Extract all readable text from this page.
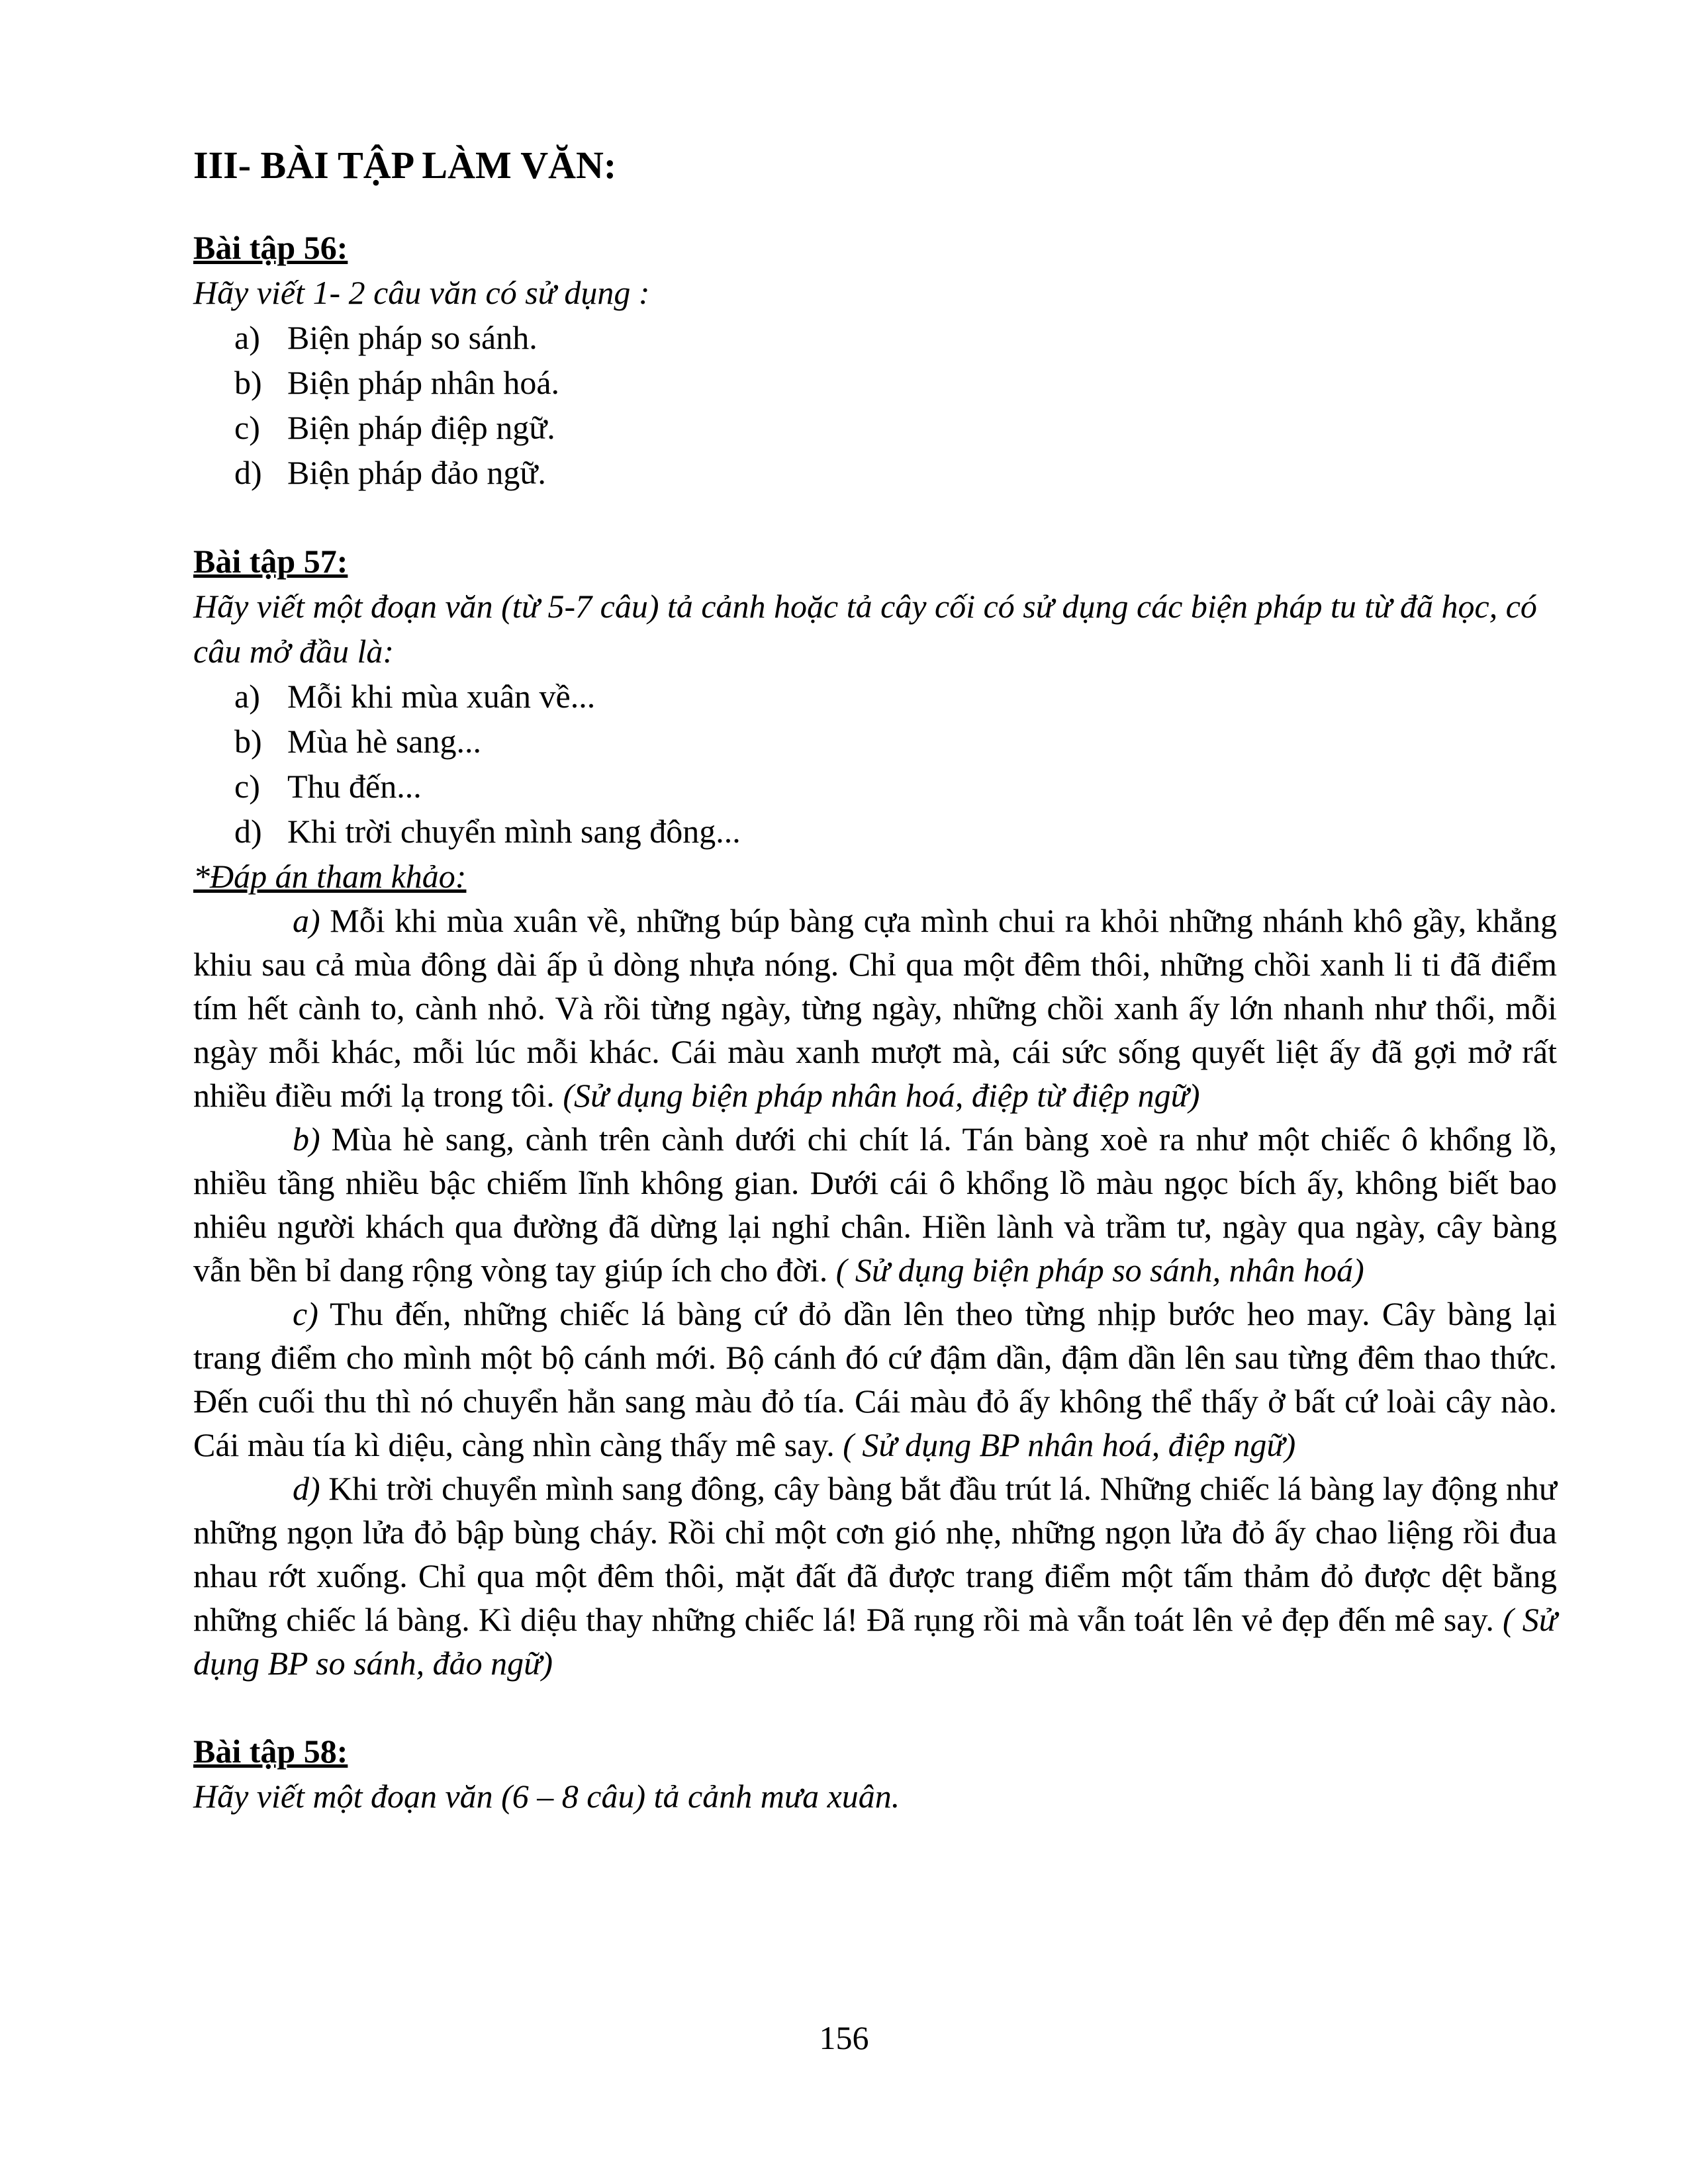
III- BÀI TẬP LÀM VĂN:

Bài tập 56:

Hãy viết 1- 2 câu văn có sử dụng :

a) Biện pháp so sánh.

b) Biện pháp nhân hoá.

c) Biện pháp điệp ngữ.

d) Biện pháp đảo ngữ.

Bài tập 57:

Hãy viết một đoạn văn (từ 5-7 câu) tả cảnh hoặc tả cây cối có sử dụng các biện pháp tu từ đã học, có câu mở đầu là:

a) Mỗi khi mùa xuân về...

b) Mùa hè sang...

c) Thu đến...

d) Khi trời chuyển mình sang đông...

*Đáp án tham khảo:

a) Mỗi khi mùa xuân về, những búp bàng cựa mình chui ra khỏi những nhánh khô gầy, khẳng khiu sau cả mùa đông dài ấp ủ dòng nhựa nóng. Chỉ qua một đêm thôi, những chồi xanh li ti đã điểm tím hết cành to, cành nhỏ. Và rồi từng ngày, từng ngày, những chồi xanh ấy lớn nhanh như thổi, mỗi ngày mỗi khác, mỗi lúc mỗi khác. Cái màu xanh mượt mà, cái sức sống quyết liệt ấy đã gợi mở rất nhiều điều mới lạ trong tôi. (Sử dụng biện pháp nhân hoá, điệp từ điệp ngữ)

b) Mùa hè sang, cành trên cành dưới chi chít lá. Tán bàng xoè ra như một chiếc ô khổng lồ, nhiều tầng nhiều bậc chiếm lĩnh không gian. Dưới cái ô khổng lồ màu ngọc bích ấy, không biết bao nhiêu người khách qua đường đã dừng lại nghỉ chân. Hiền lành và trầm tư, ngày qua ngày, cây bàng vẫn bền bỉ dang rộng vòng tay giúp ích cho đời. ( Sử dụng biện pháp so sánh, nhân hoá)

c) Thu đến, những chiếc lá bàng cứ đỏ dần lên theo từng nhịp bước heo may. Cây bàng lại trang điểm cho mình một bộ cánh mới. Bộ cánh đó cứ đậm dần, đậm dần lên sau từng đêm thao thức. Đến cuối thu thì nó chuyển hẳn sang màu đỏ tía. Cái màu đỏ ấy không thể thấy ở bất cứ loài cây nào. Cái màu tía kì diệu, càng nhìn càng thấy mê say. ( Sử dụng BP nhân hoá, điệp ngữ)

d) Khi trời chuyển mình sang đông, cây bàng bắt đầu trút lá. Những chiếc lá bàng lay động như những ngọn lửa đỏ bập bùng cháy. Rồi chỉ một cơn gió nhẹ, những ngọn lửa đỏ ấy chao liệng rồi đua nhau rớt xuống. Chỉ qua một đêm thôi, mặt đất đã được trang điểm một tấm thảm đỏ được dệt bằng những chiếc lá bàng. Kì diệu thay những chiếc lá! Đã rụng rồi mà vẫn toát lên vẻ đẹp đến mê say. ( Sử dụng BP so sánh, đảo ngữ)

Bài tập 58:

Hãy viết một đoạn văn (6 – 8 câu) tả cảnh mưa xuân.

156
